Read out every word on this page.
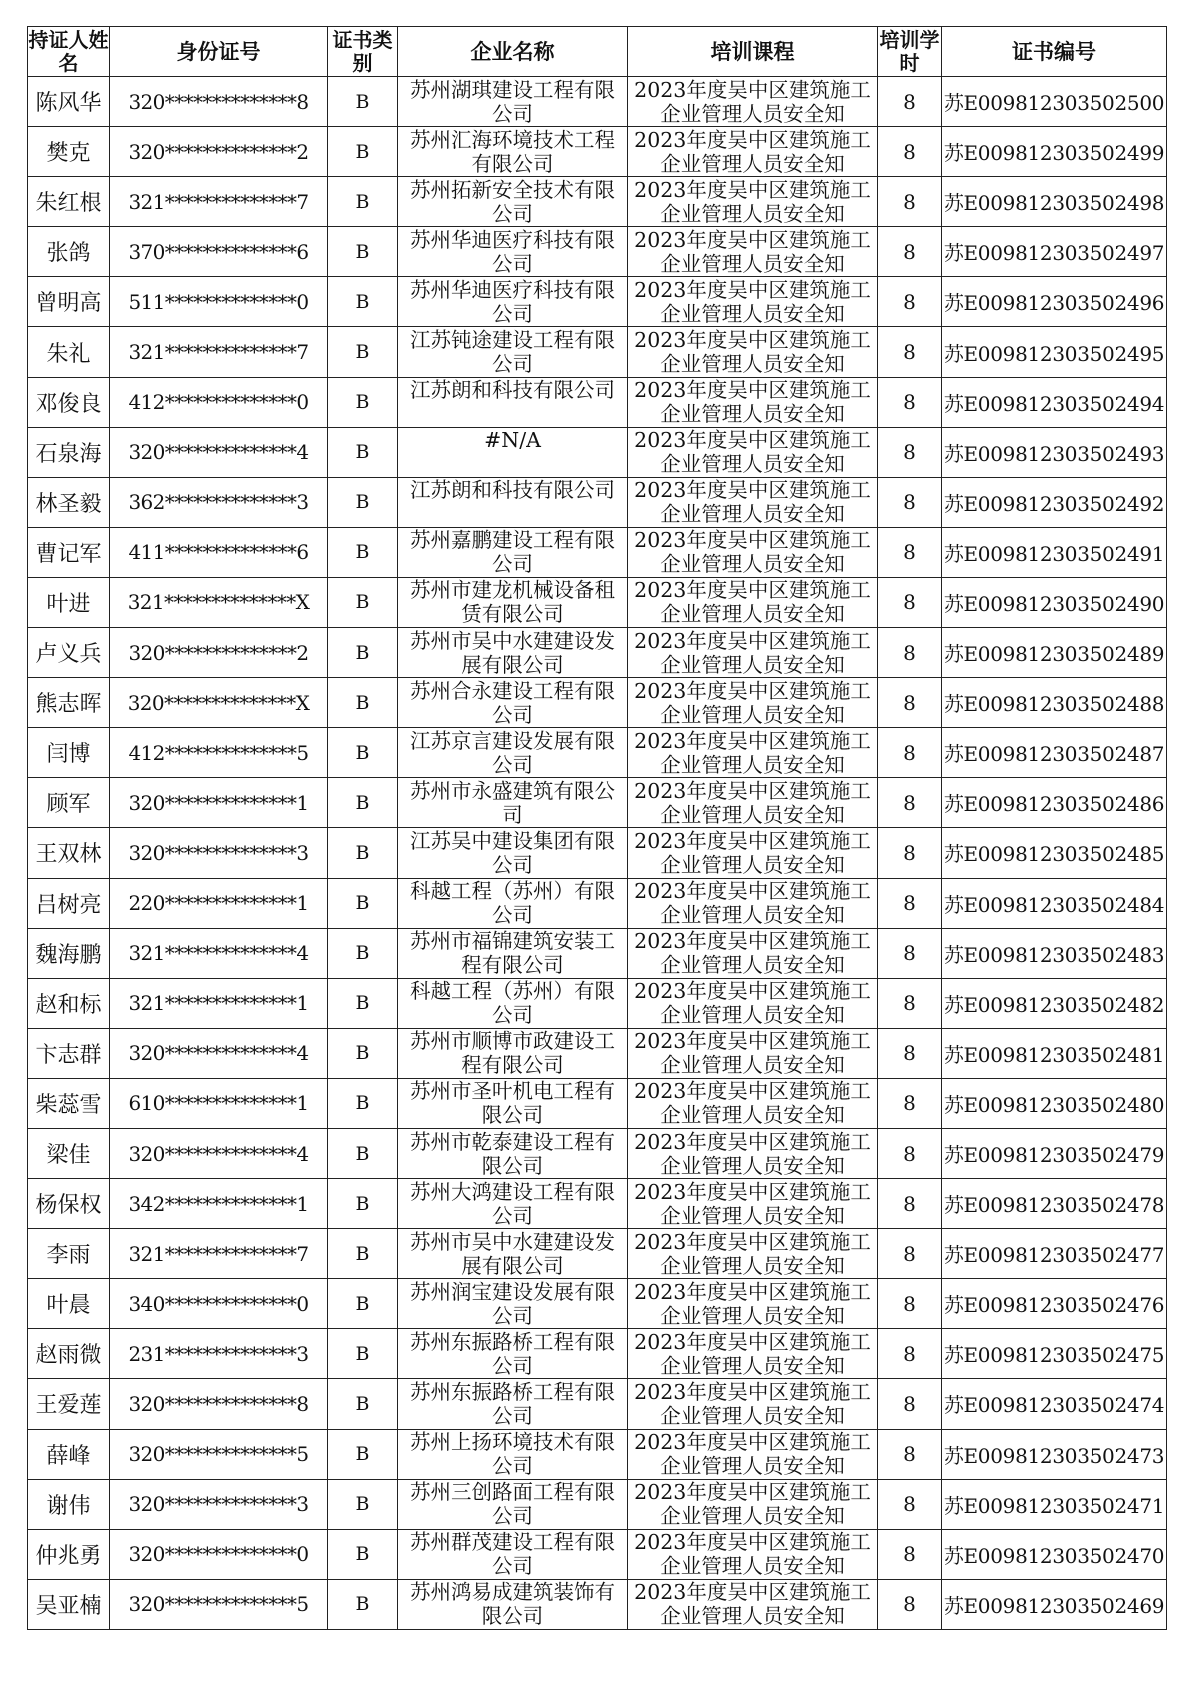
持证人姓名	身份证号	证书类别	企业名称	培训课程	培训学时	证书编号
陈风华	320**************8	B	苏州湖琪建设工程有限公司	2023年度吴中区建筑施工企业管理人员安全知	8	苏E009812303502500
樊克	320**************2	B	苏州汇海环境技术工程有限公司	2023年度吴中区建筑施工企业管理人员安全知	8	苏E009812303502499
朱红根	321**************7	B	苏州拓新安全技术有限公司	2023年度吴中区建筑施工企业管理人员安全知	8	苏E009812303502498
张鸽	370**************6	B	苏州华迪医疗科技有限公司	2023年度吴中区建筑施工企业管理人员安全知	8	苏E009812303502497
曾明高	511**************0	B	苏州华迪医疗科技有限公司	2023年度吴中区建筑施工企业管理人员安全知	8	苏E009812303502496
朱礼	321**************7	B	江苏钝途建设工程有限公司	2023年度吴中区建筑施工企业管理人员安全知	8	苏E009812303502495
邓俊良	412**************0	B	江苏朗和科技有限公司	2023年度吴中区建筑施工企业管理人员安全知	8	苏E009812303502494
石泉海	320**************4	B	#N/A	2023年度吴中区建筑施工企业管理人员安全知	8	苏E009812303502493
林圣毅	362**************3	B	江苏朗和科技有限公司	2023年度吴中区建筑施工企业管理人员安全知	8	苏E009812303502492
曹记军	411**************6	B	苏州嘉鹏建设工程有限公司	2023年度吴中区建筑施工企业管理人员安全知	8	苏E009812303502491
叶进	321**************X	B	苏州市建龙机械设备租赁有限公司	2023年度吴中区建筑施工企业管理人员安全知	8	苏E009812303502490
卢义兵	320**************2	B	苏州市吴中水建建设发展有限公司	2023年度吴中区建筑施工企业管理人员安全知	8	苏E009812303502489
熊志晖	320**************X	B	苏州合永建设工程有限公司	2023年度吴中区建筑施工企业管理人员安全知	8	苏E009812303502488
闫博	412**************5	B	江苏京言建设发展有限公司	2023年度吴中区建筑施工企业管理人员安全知	8	苏E009812303502487
顾军	320**************1	B	苏州市永盛建筑有限公司	2023年度吴中区建筑施工企业管理人员安全知	8	苏E009812303502486
王双林	320**************3	B	江苏吴中建设集团有限公司	2023年度吴中区建筑施工企业管理人员安全知	8	苏E009812303502485
吕树亮	220**************1	B	科越工程（苏州）有限公司	2023年度吴中区建筑施工企业管理人员安全知	8	苏E009812303502484
魏海鹏	321**************4	B	苏州市福锦建筑安装工程有限公司	2023年度吴中区建筑施工企业管理人员安全知	8	苏E009812303502483
赵和标	321**************1	B	科越工程（苏州）有限公司	2023年度吴中区建筑施工企业管理人员安全知	8	苏E009812303502482
卞志群	320**************4	B	苏州市顺博市政建设工程有限公司	2023年度吴中区建筑施工企业管理人员安全知	8	苏E009812303502481
柴蕊雪	610**************1	B	苏州市圣叶机电工程有限公司	2023年度吴中区建筑施工企业管理人员安全知	8	苏E009812303502480
梁佳	320**************4	B	苏州市乾泰建设工程有限公司	2023年度吴中区建筑施工企业管理人员安全知	8	苏E009812303502479
杨保权	342**************1	B	苏州大鸿建设工程有限公司	2023年度吴中区建筑施工企业管理人员安全知	8	苏E009812303502478
李雨	321**************7	B	苏州市吴中水建建设发展有限公司	2023年度吴中区建筑施工企业管理人员安全知	8	苏E009812303502477
叶晨	340**************0	B	苏州润宝建设发展有限公司	2023年度吴中区建筑施工企业管理人员安全知	8	苏E009812303502476
赵雨微	231**************3	B	苏州东振路桥工程有限公司	2023年度吴中区建筑施工企业管理人员安全知	8	苏E009812303502475
王爱莲	320**************8	B	苏州东振路桥工程有限公司	2023年度吴中区建筑施工企业管理人员安全知	8	苏E009812303502474
薛峰	320**************5	B	苏州上扬环境技术有限公司	2023年度吴中区建筑施工企业管理人员安全知	8	苏E009812303502473
谢伟	320**************3	B	苏州三创路面工程有限公司	2023年度吴中区建筑施工企业管理人员安全知	8	苏E009812303502471
仲兆勇	320**************0	B	苏州群茂建设工程有限公司	2023年度吴中区建筑施工企业管理人员安全知	8	苏E009812303502470
吴亚楠	320**************5	B	苏州鸿易成建筑装饰有限公司	2023年度吴中区建筑施工企业管理人员安全知	8	苏E009812303502469
